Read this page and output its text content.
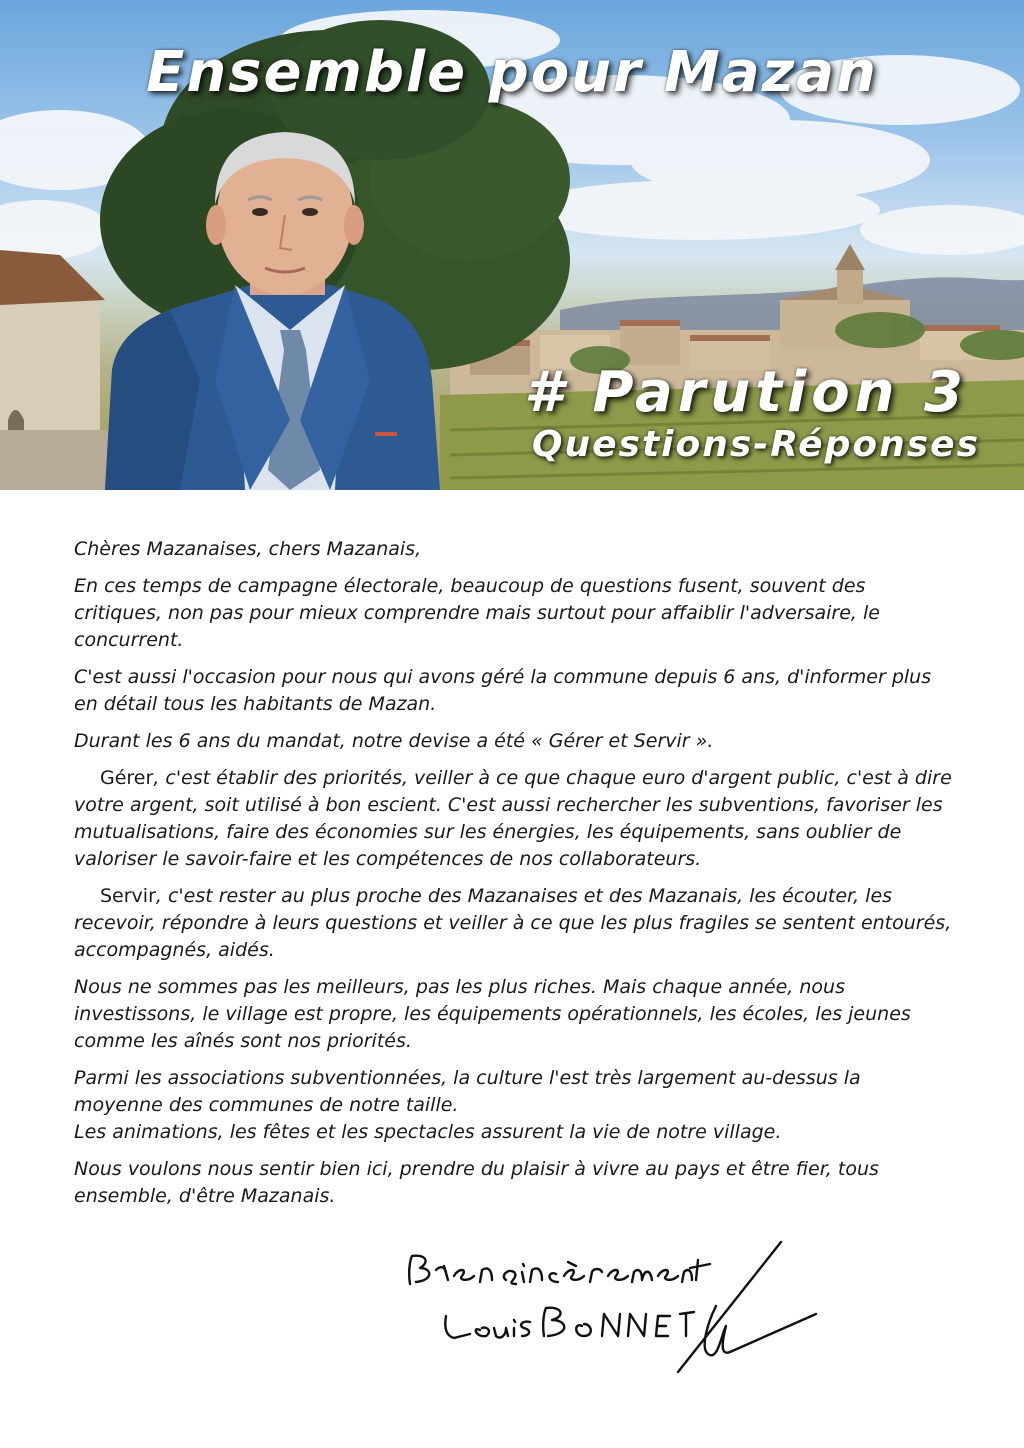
Ensemble pour Mazan
# Parution 3
Questions-Réponses

Chères Mazanaises, chers Mazanais,

En ces temps de campagne électorale, beaucoup de questions fusent, souvent des critiques, non pas pour mieux comprendre mais surtout pour affaiblir l'adversaire, le concurrent.

C'est aussi l'occasion pour nous qui avons géré la commune depuis 6 ans, d'informer plus en détail tous les habitants de Mazan.

Durant les 6 ans du mandat, notre devise a été « Gérer et Servir ».

Gérer, c'est établir des priorités, veiller à ce que chaque euro d'argent public, c'est à dire votre argent, soit utilisé à bon escient. C'est aussi rechercher les subventions, favoriser les mutualisations, faire des économies sur les énergies, les équipements, sans oublier de valoriser le savoir-faire et les compétences de nos collaborateurs.

Servir, c'est rester au plus proche des Mazanaises et des Mazanais, les écouter, les recevoir, répondre à leurs questions et veiller à ce que les plus fragiles se sentent entourés, accompagnés, aidés.

Nous ne sommes pas les meilleurs, pas les plus riches. Mais chaque année, nous investissons, le village est propre, les équipements opérationnels, les écoles, les jeunes comme les aînés sont nos priorités.

Parmi les associations subventionnées, la culture l'est très largement au-dessus la moyenne des communes de notre taille.
Les animations, les fêtes et les spectacles assurent la vie de notre village.

Nous voulons nous sentir bien ici, prendre du plaisir à vivre au pays et être fier, tous ensemble, d'être Mazanais.
